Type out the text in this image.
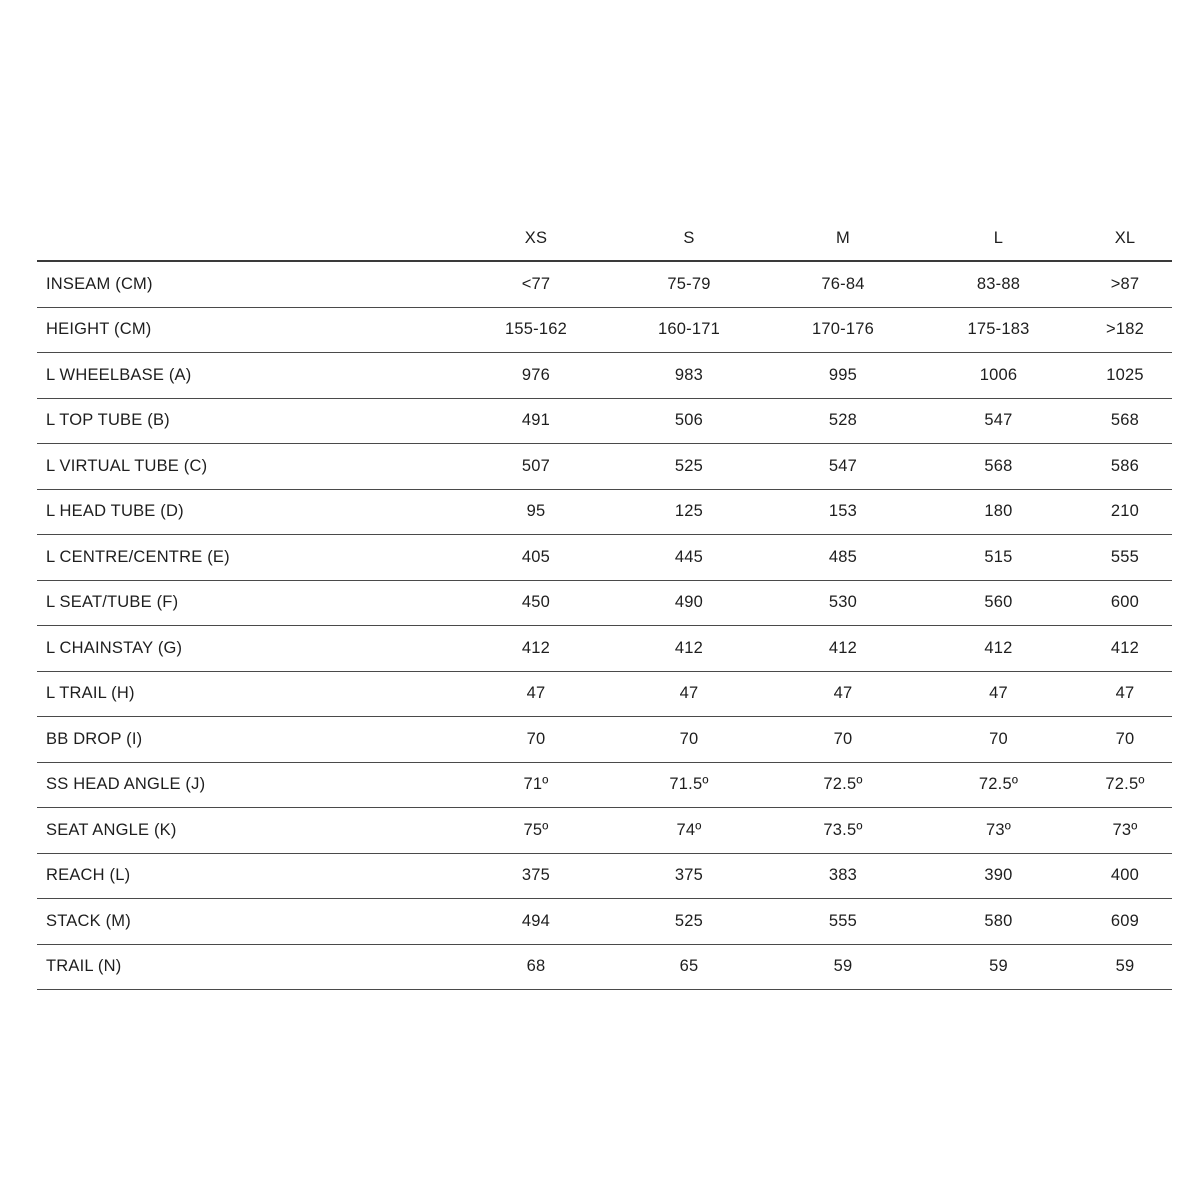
	XS	S	M	L	XL
INSEAM (CM)	<77	75-79	76-84	83-88	>87
HEIGHT (CM)	155-162	160-171	170-176	175-183	>182
L WHEELBASE (A)	976	983	995	1006	1025
L TOP TUBE (B)	491	506	528	547	568
L VIRTUAL TUBE (C)	507	525	547	568	586
L HEAD TUBE (D)	95	125	153	180	210
L CENTRE/CENTRE (E)	405	445	485	515	555
L SEAT/TUBE (F)	450	490	530	560	600
L CHAINSTAY (G)	412	412	412	412	412
L TRAIL (H)	47	47	47	47	47
BB DROP (I)	70	70	70	70	70
SS HEAD ANGLE (J)	71º	71.5º	72.5º	72.5º	72.5º
SEAT ANGLE (K)	75º	74º	73.5º	73º	73º
REACH (L)	375	375	383	390	400
STACK (M)	494	525	555	580	609
TRAIL (N)	68	65	59	59	59
